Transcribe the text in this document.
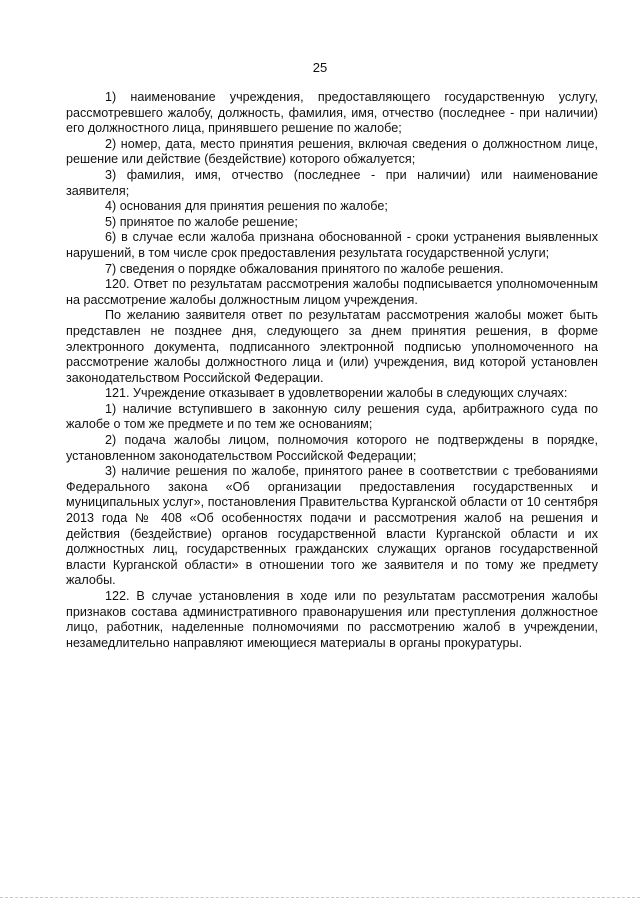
25

1) наименование учреждения, предоставляющего государственную услугу, рассмотревшего жалобу, должность, фамилия, имя, отчество (последнее - при наличии) его должностного лица, принявшего решение по жалобе;

2) номер, дата, место принятия решения, включая сведения о должностном лице, решение или действие (бездействие) которого обжалуется;

3) фамилия, имя, отчество (последнее - при наличии) или наименование заявителя;

4) основания для принятия решения по жалобе;

5) принятое по жалобе решение;

6) в случае если жалоба признана обоснованной - сроки устранения выявленных нарушений, в том числе срок предоставления результата государственной услуги;

7) сведения о порядке обжалования принятого по жалобе решения.

120. Ответ по результатам рассмотрения жалобы подписывается уполномоченным на рассмотрение жалобы должностным лицом учреждения.

По желанию заявителя ответ по результатам рассмотрения жалобы может быть представлен не позднее дня, следующего за днем принятия решения, в форме электронного документа, подписанного электронной подписью уполномоченного на рассмотрение жалобы должностного лица и (или) учреждения, вид которой установлен законодательством Российской Федерации.

121. Учреждение отказывает в удовлетворении жалобы в следующих случаях:

1) наличие вступившего в законную силу решения суда, арбитражного суда по жалобе о том же предмете и по тем же основаниям;

2) подача жалобы лицом, полномочия которого не подтверждены в порядке, установленном законодательством Российской Федерации;

3) наличие решения по жалобе, принятого ранее в соответствии с требованиями Федерального закона «Об организации предоставления государственных и муниципальных услуг», постановления Правительства Курганской области от 10 сентября 2013 года № 408 «Об особенностях подачи и рассмотрения жалоб на решения и действия (бездействие) органов государственной власти Курганской области и их должностных лиц, государственных гражданских служащих органов государственной власти Курганской области» в отношении того же заявителя и по тому же предмету жалобы.

122. В случае установления в ходе или по результатам рассмотрения жалобы признаков состава административного правонарушения или преступления должностное лицо, работник, наделенные полномочиями по рассмотрению жалоб в учреждении, незамедлительно направляют имеющиеся материалы в органы прокуратуры.
